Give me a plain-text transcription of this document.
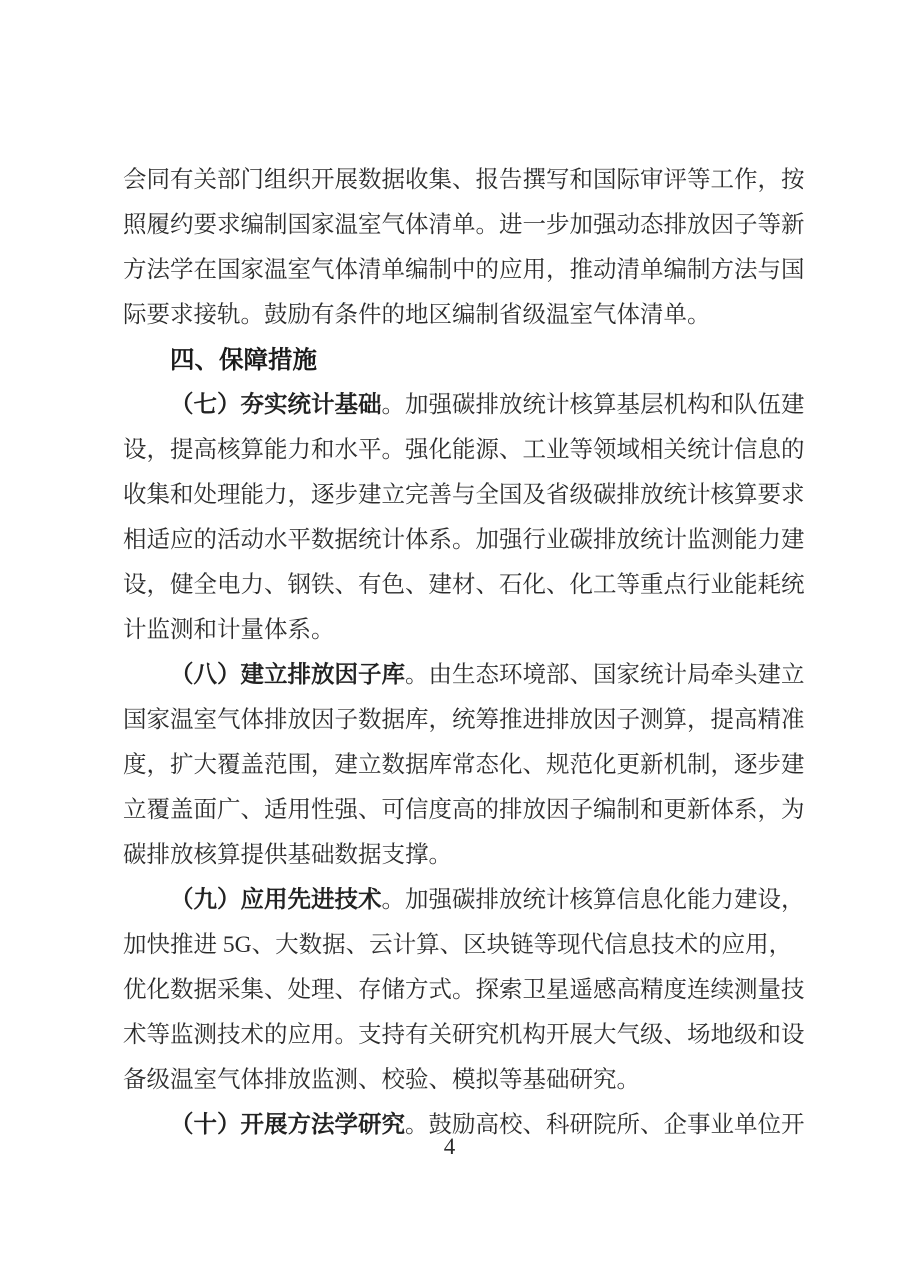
会同有关部门组织开展数据收集、报告撰写和国际审评等工作，按
照履约要求编制国家温室气体清单。进一步加强动态排放因子等新
方法学在国家温室气体清单编制中的应用，推动清单编制方法与国
际要求接轨。鼓励有条件的地区编制省级温室气体清单。
四、保障措施
（七）夯实统计基础。加强碳排放统计核算基层机构和队伍建
设，提高核算能力和水平。强化能源、工业等领域相关统计信息的
收集和处理能力，逐步建立完善与全国及省级碳排放统计核算要求
相适应的活动水平数据统计体系。加强行业碳排放统计监测能力建
设，健全电力、钢铁、有色、建材、石化、化工等重点行业能耗统
计监测和计量体系。
（八）建立排放因子库。由生态环境部、国家统计局牵头建立
国家温室气体排放因子数据库，统筹推进排放因子测算，提高精准
度，扩大覆盖范围，建立数据库常态化、规范化更新机制，逐步建
立覆盖面广、适用性强、可信度高的排放因子编制和更新体系，为
碳排放核算提供基础数据支撑。
（九）应用先进技术。加强碳排放统计核算信息化能力建设，
加快推进 5G、大数据、云计算、区块链等现代信息技术的应用，
优化数据采集、处理、存储方式。探索卫星遥感高精度连续测量技
术等监测技术的应用。支持有关研究机构开展大气级、场地级和设
备级温室气体排放监测、校验、模拟等基础研究。
（十）开展方法学研究。鼓励高校、科研院所、企事业单位开
4
